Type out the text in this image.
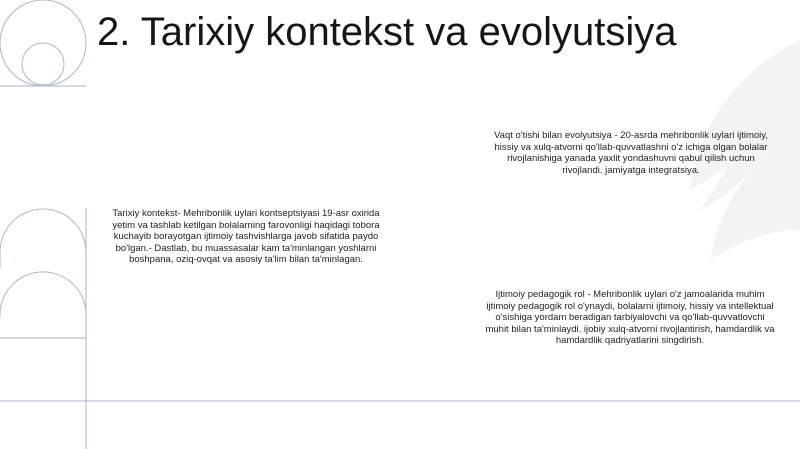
2. Tarixiy kontekst va evolyutsiya
Tarixiy kontekst- Mehribonlik uylari kontseptsiyasi 19-asr oxirida yetim va tashlab ketilgan bolalarning farovonligi haqidagi tobora kuchayib borayotgan ijtimoiy tashvishlarga javob sifatida paydo bo'lgan.- Dastlab, bu muassasalar kam ta'minlangan yoshlarni boshpana, oziq-ovqat va asosiy ta'lim bilan ta'minlagan.
Vaqt o'tishi bilan evolyutsiya - 20-asrda mehribonlik uylari ijtimoiy, hissiy va xulq-atvorni qo'llab-quvvatlashni o'z ichiga olgan bolalar rivojlanishiga yanada yaxlit yondashuvni qabul qilish uchun rivojlandi. jamiyatga integratsiya.
Ijtimoiy pedagogik rol - Mehribonlik uylari o'z jamoalarida muhim ijtimoiy pedagogik rol o'ynaydi, bolalarni ijtimoiy, hissiy va intellektual o'sishiga yordam beradigan tarbiyalovchi va qo'llab-quvvatlovchi muhit bilan ta'minlaydi. ijobiy xulq-atvorni rivojlantirish, hamdardlik va hamdardlik qadriyatlarini singdirish.
